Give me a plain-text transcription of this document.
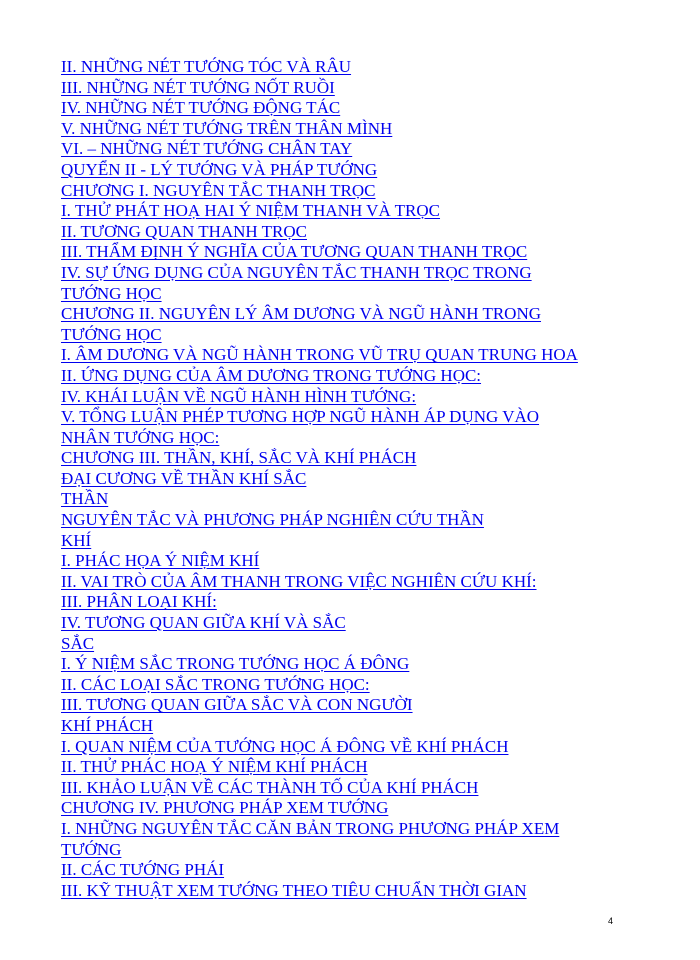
II. NHỮNG NÉT TƯỚNG TÓC VÀ RÂU
III. NHỮNG NÉT TƯỚNG NỐT RUỒI
IV. NHỮNG NÉT TƯỚNG ĐỘNG TÁC
V. NHỮNG NÉT TƯỚNG TRÊN THÂN MÌNH
VI. – NHỮNG NÉT TƯỚNG CHÂN TAY
QUYỂN II - LÝ TƯỚNG VÀ PHÁP TƯỚNG
CHƯƠNG I. NGUYÊN TẮC THANH TRỌC
I. THỬ PHÁT HOẠ HAI Ý NIỆM THANH VÀ TRỌC
II. TƯƠNG QUAN THANH TRỌC
III. THẨM ĐỊNH Ý NGHĨA CỦA TƯƠNG QUAN THANH TRỌC
IV. SỰ ỨNG DỤNG CỦA NGUYÊN TẮC THANH TRỌC TRONG
TƯỚNG HỌC
CHƯƠNG II. NGUYÊN LÝ ÂM DƯƠNG VÀ NGŨ HÀNH TRONG
TƯỚNG HỌC
I. ÂM DƯƠNG VÀ NGŨ HÀNH TRONG VŨ TRỤ QUAN TRUNG HOA
II. ỨNG DỤNG CỦA ÂM DƯƠNG TRONG TƯỚNG HỌC:
IV. KHÁI LUẬN VỀ NGŨ HÀNH HÌNH TƯỚNG:
V. TỔNG LUẬN PHÉP TƯƠNG HỢP NGŨ HÀNH ÁP DỤNG VÀO
NHÂN TƯỚNG HỌC:
CHƯƠNG III. THẦN, KHÍ, SẮC VÀ KHÍ PHÁCH
ĐẠI CƯƠNG VỀ THẦN KHÍ SẮC
THẦN
NGUYÊN TẮC VÀ PHƯƠNG PHÁP NGHIÊN CỨU THẦN
KHÍ
I. PHÁC HỌA Ý NIỆM KHÍ
II. VAI TRÒ CỦA ÂM THANH TRONG VIỆC NGHIÊN CỨU KHÍ:
III. PHÂN LOẠI KHÍ:
IV. TƯƠNG QUAN GIỮA KHÍ VÀ SẮC
SẮC
I. Ý NIỆM SẮC TRONG TƯỚNG HỌC Á ĐÔNG
II. CÁC LOẠI SẮC TRONG TƯỚNG HỌC:
III. TƯƠNG QUAN GIỮA SẮC VÀ CON NGƯỜI
KHÍ PHÁCH
I. QUAN NIỆM CỦA TƯỚNG HỌC Á ĐÔNG VỀ KHÍ PHÁCH
II. THỬ PHÁC HOẠ Ý NIỆM KHÍ PHÁCH
III. KHẢO LUẬN VỀ CÁC THÀNH TỐ CỦA KHÍ PHÁCH
CHƯƠNG IV. PHƯƠNG PHÁP XEM TƯỚNG
I. NHỮNG NGUYÊN TẮC CĂN BẢN TRONG PHƯƠNG PHÁP XEM
TƯỚNG
II. CÁC TƯỚNG PHÁI
III. KỸ THUẬT XEM TƯỚNG THEO TIÊU CHUẨN THỜI GIAN
4
